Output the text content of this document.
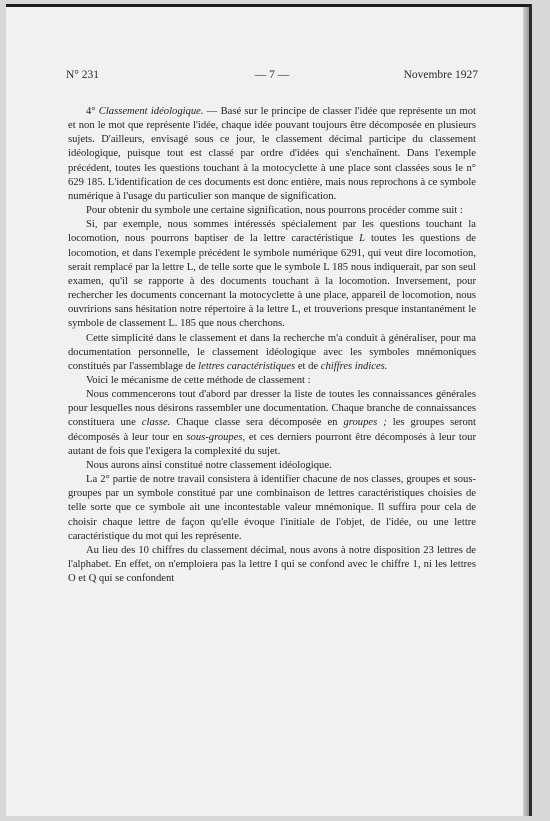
N° 231	— 7 —	Novembre 1927

4° Classement idéologique. — Basé sur le principe de classer l'idée que représente un mot et non le mot que représente l'idée, chaque idée pouvant toujours être décomposée en plusieurs sujets. D'ailleurs, envisagé sous ce jour, le classement décimal participe du classement idéologique, puisque tout est classé par ordre d'idées qui s'enchaînent. Dans l'exemple précédent, toutes les questions touchant à la motocyclette à une place sont classées sous le n° 629 185. L'identification de ces documents est donc entière, mais nous reprochons à ce symbole numérique à l'usage du particulier son manque de signification.

Pour obtenir du symbole une certaine signification, nous pourrons procéder comme suit :

Si, par exemple, nous sommes intéressés spécialement par les questions touchant la locomotion, nous pourrons baptiser de la lettre caractéristique L toutes les questions de locomotion, et dans l'exemple précédent le symbole numérique 6291, qui veut dire locomotion, serait remplacé par la lettre L, de telle sorte que le symbole L 185 nous indiquerait, par son seul examen, qu'il se rapporte à des documents touchant à la locomotion. Inversement, pour rechercher les documents concernant la motocyclette à une place, appareil de locomotion, nous ouvririons sans hésitation notre répertoire à la lettre L, et trouverions presque instantanément le symbole de classement L. 185 que nous cherchons.

Cette simplicité dans le classement et dans la recherche m'a conduit à généraliser, pour ma documentation personnelle, le classement idéologique avec les symboles mnémoniques constitués par l'assemblage de lettres caractéristiques et de chiffres indices.

Voici le mécanisme de cette méthode de classement :

Nous commencerons tout d'abord par dresser la liste de toutes les connaissances générales pour lesquelles nous désirons rassembler une documentation. Chaque branche de connaissances constituera une classe. Chaque classe sera décomposée en groupes ; les groupes seront décomposés à leur tour en sous-groupes, et ces derniers pourront être décomposés à leur tour autant de fois que l'exigera la complexité du sujet.

Nous aurons ainsi constitué notre classement idéologique.

La 2° partie de notre travail consistera à identifier chacune de nos classes, groupes et sous-groupes par un symbole constitué par une combinaison de lettres caractéristiques choisies de telle sorte que ce symbole ait une incontestable valeur mnémonique. Il suffira pour cela de choisir chaque lettre de façon qu'elle évoque l'initiale de l'objet, de l'idée, ou une lettre caractéristique du mot qui les représente.

Au lieu des 10 chiffres du classement décimal, nous avons à notre disposition 23 lettres de l'alphabet. En effet, on n'emploiera pas la lettre I qui se confond avec le chiffre 1, ni les lettres O et Q qui se confondent
